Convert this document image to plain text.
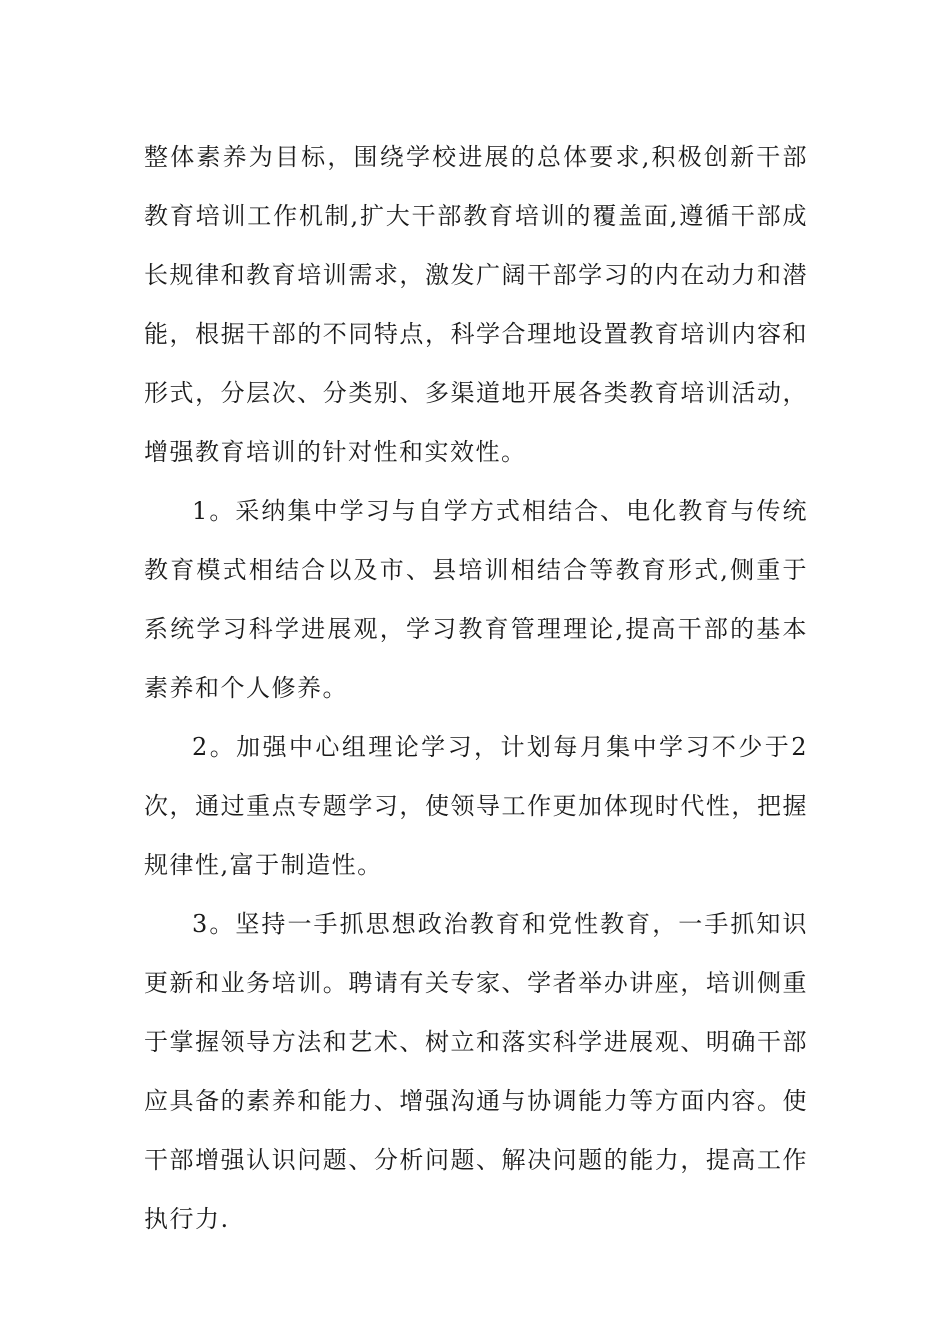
整体素养为目标，围绕学校进展的总体要求,积极创新干部教育培训工作机制,扩大干部教育培训的覆盖面,遵循干部成长规律和教育培训需求，激发广阔干部学习的内在动力和潜能，根据干部的不同特点，科学合理地设置教育培训内容和形式，分层次、分类别、多渠道地开展各类教育培训活动，增强教育培训的针对性和实效性。

1。采纳集中学习与自学方式相结合、电化教育与传统教育模式相结合以及市、县培训相结合等教育形式,侧重于系统学习科学进展观，学习教育管理理论,提高干部的基本素养和个人修养。

2。加强中心组理论学习，计划每月集中学习不少于2次，通过重点专题学习，使领导工作更加体现时代性，把握规律性,富于制造性。

3。坚持一手抓思想政治教育和党性教育，一手抓知识更新和业务培训。聘请有关专家、学者举办讲座，培训侧重于掌握领导方法和艺术、树立和落实科学进展观、明确干部应具备的素养和能力、增强沟通与协调能力等方面内容。使干部增强认识问题、分析问题、解决问题的能力，提高工作执行力.
